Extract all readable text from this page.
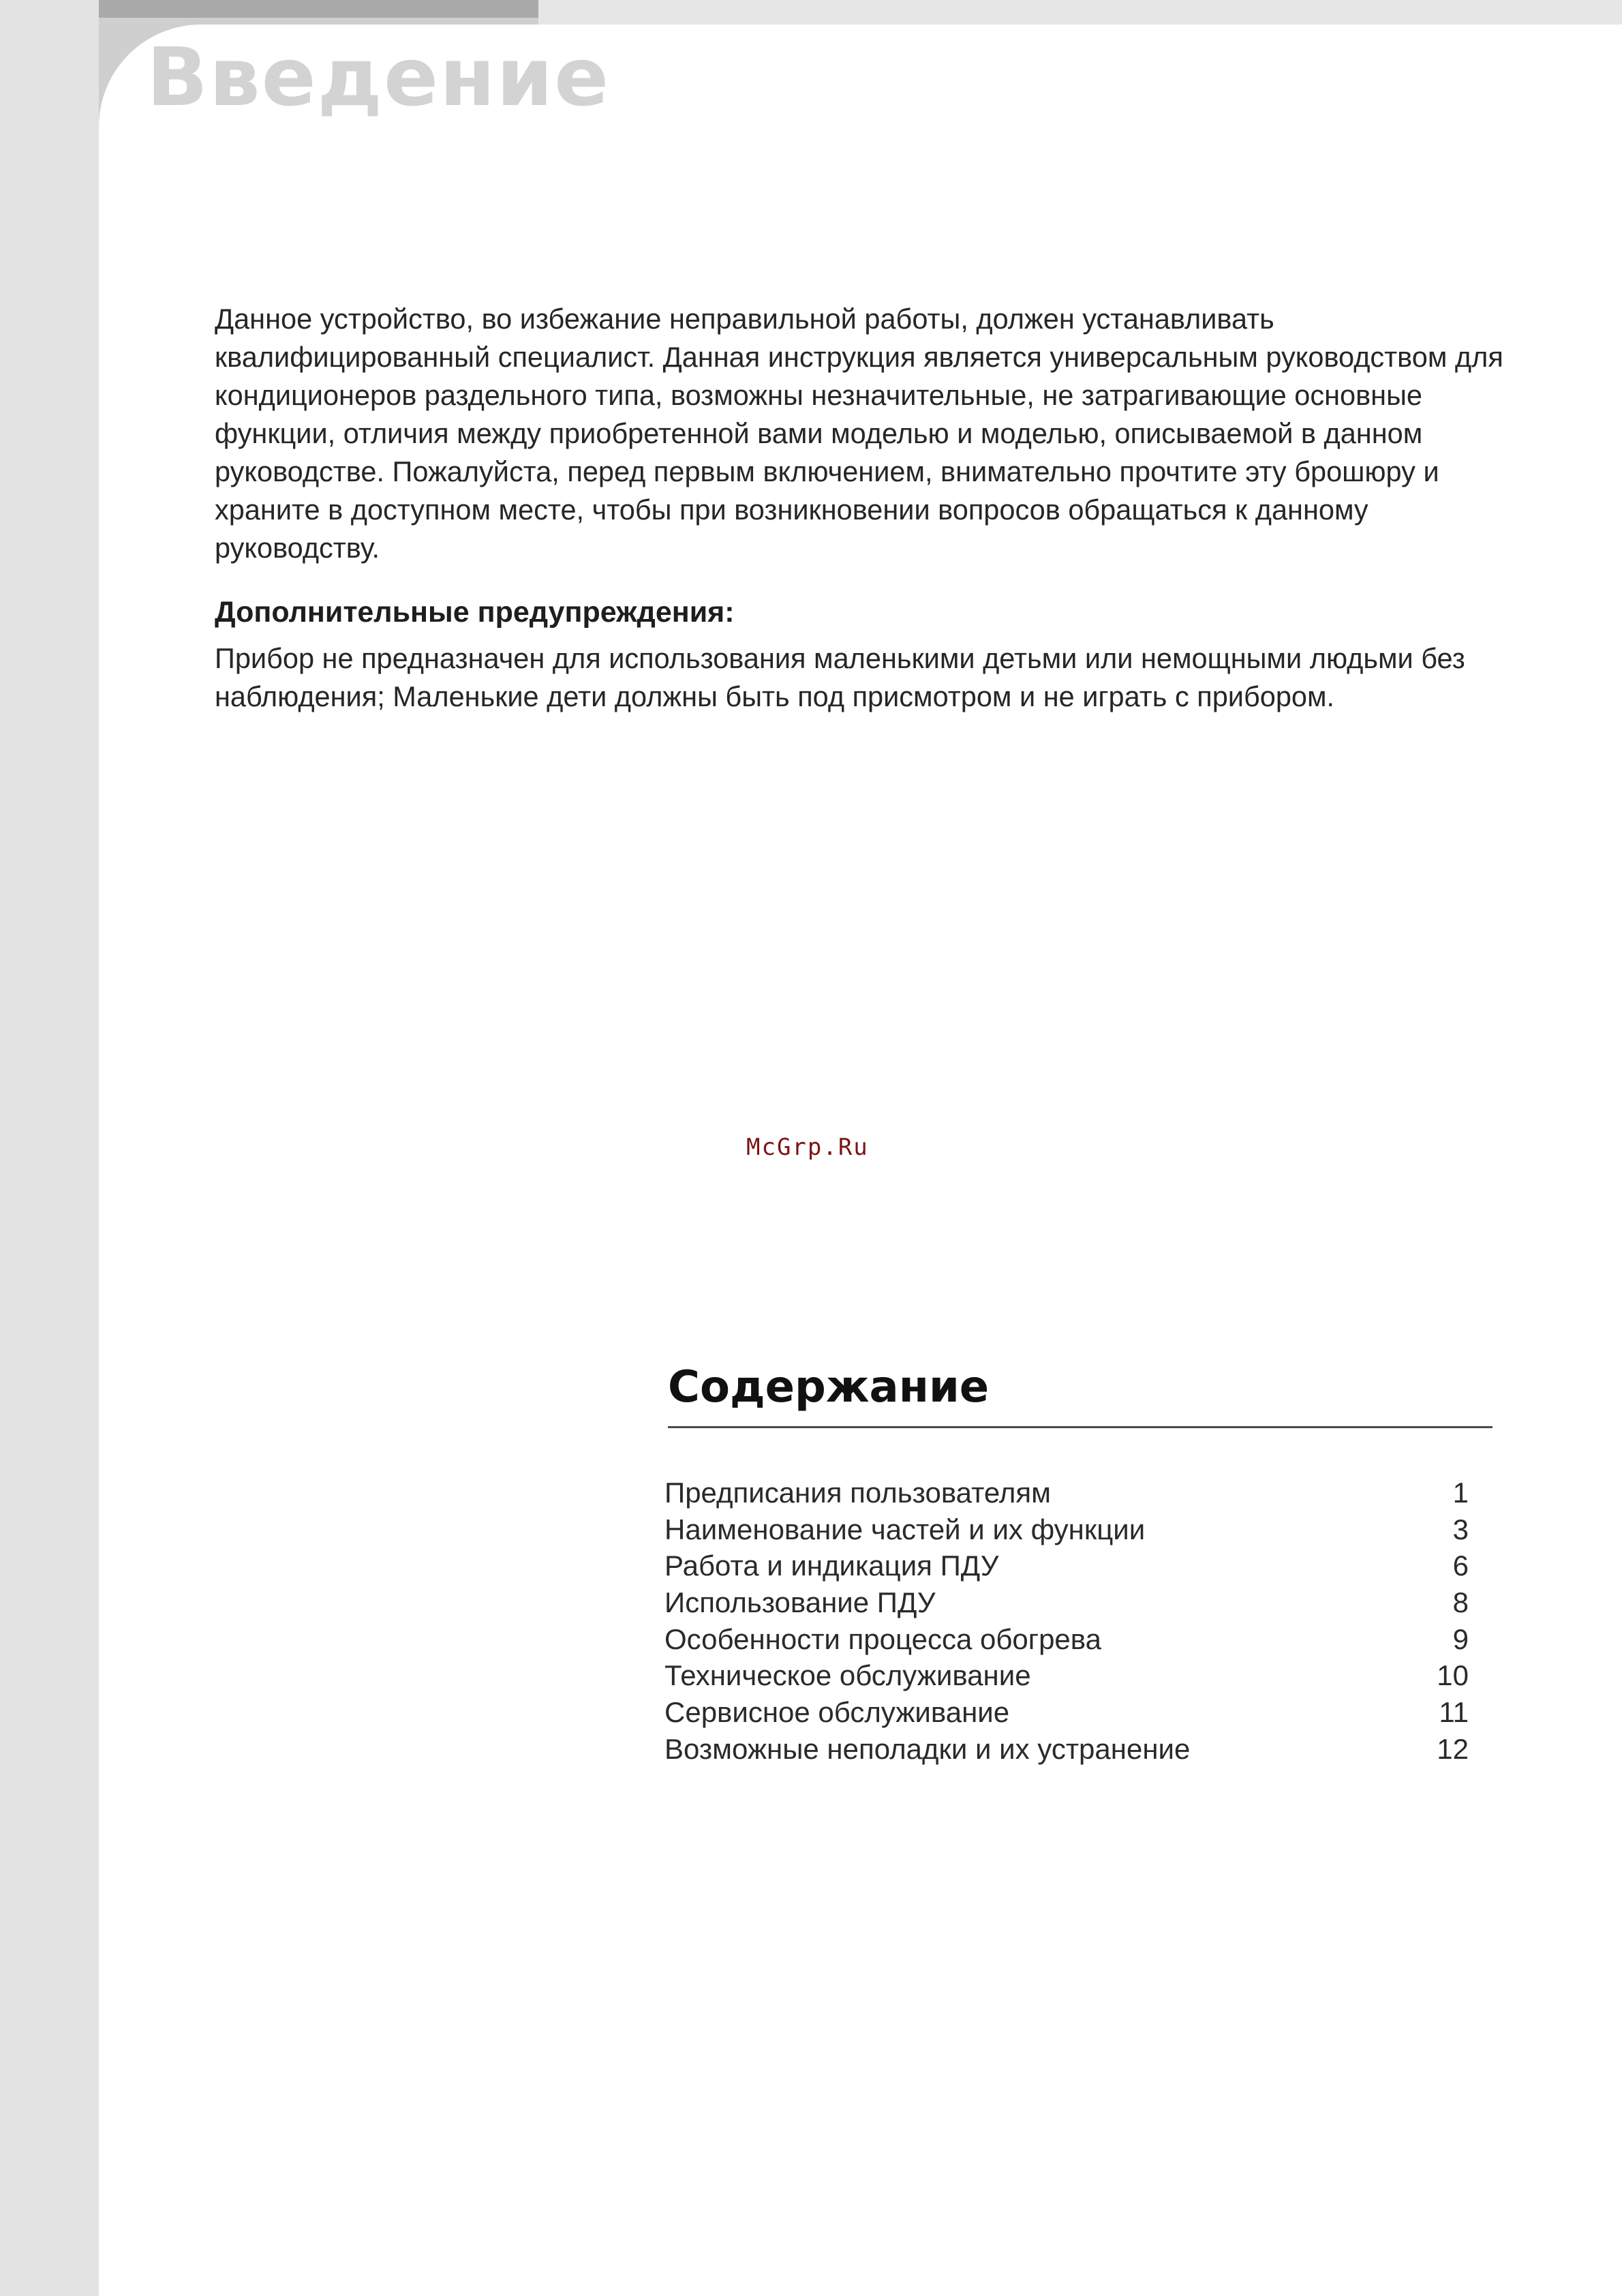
Введение

Данное устройство, во избежание неправильной работы, должен устанавливать квалифицированный специалист. Данная инструкция является универсальным руководством для кондиционеров раздельного типа, возможны незначительные, не затрагивающие основные функции, отличия между приобретенной вами моделью и моделью, описываемой в данном руководстве. Пожалуйста, перед первым включением, внимательно прочтите эту брошюру и храните в доступном месте, чтобы при возникновении вопросов обращаться к данному руководству.

Дополнительные предупреждения:

Прибор не предназначен для использования маленькими детьми или немощными людьми без наблюдения; Маленькие дети должны быть под присмотром и не играть с прибором.

McGrp.Ru
Содержание
Предписания пользователям	1
Наименование частей и их функции	3
Работа и индикация ПДУ	6
Использование ПДУ	8
Особенности процесса обогрева	9
Техническое обслуживание	10
Сервисное обслуживание	11
Возможные неполадки и их устранение	12
